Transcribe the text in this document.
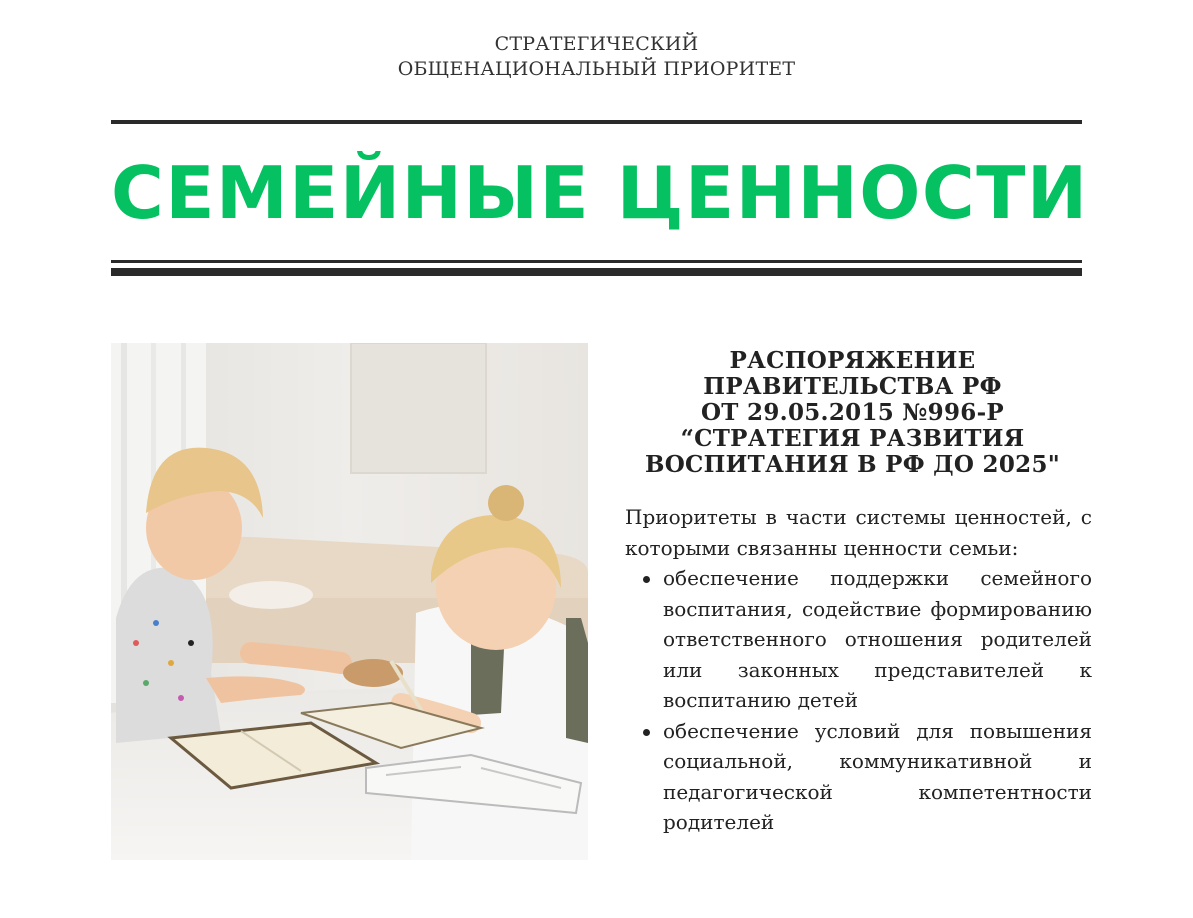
СТРАТЕГИЧЕСКИЙ
ОБЩЕНАЦИОНАЛЬНЫЙ ПРИОРИТЕТ
СЕМЕЙНЫЕ ЦЕННОСТИ
РАСПОРЯЖЕНИЕ
ПРАВИТЕЛЬСТВА РФ
ОТ 29.05.2015 №996-Р
“СТРАТЕГИЯ РАЗВИТИЯ
ВОСПИТАНИЯ В РФ ДО 2025"

Приоритеты в части системы ценностей, с которыми связанны ценности семьи:

обеспечение поддержки семейного воспитания, содействие формированию ответственного отношения родителей или законных представителей к воспитанию детей
обеспечение условий для повышения социальной, коммуникативной и педагогической компетентности родителей
